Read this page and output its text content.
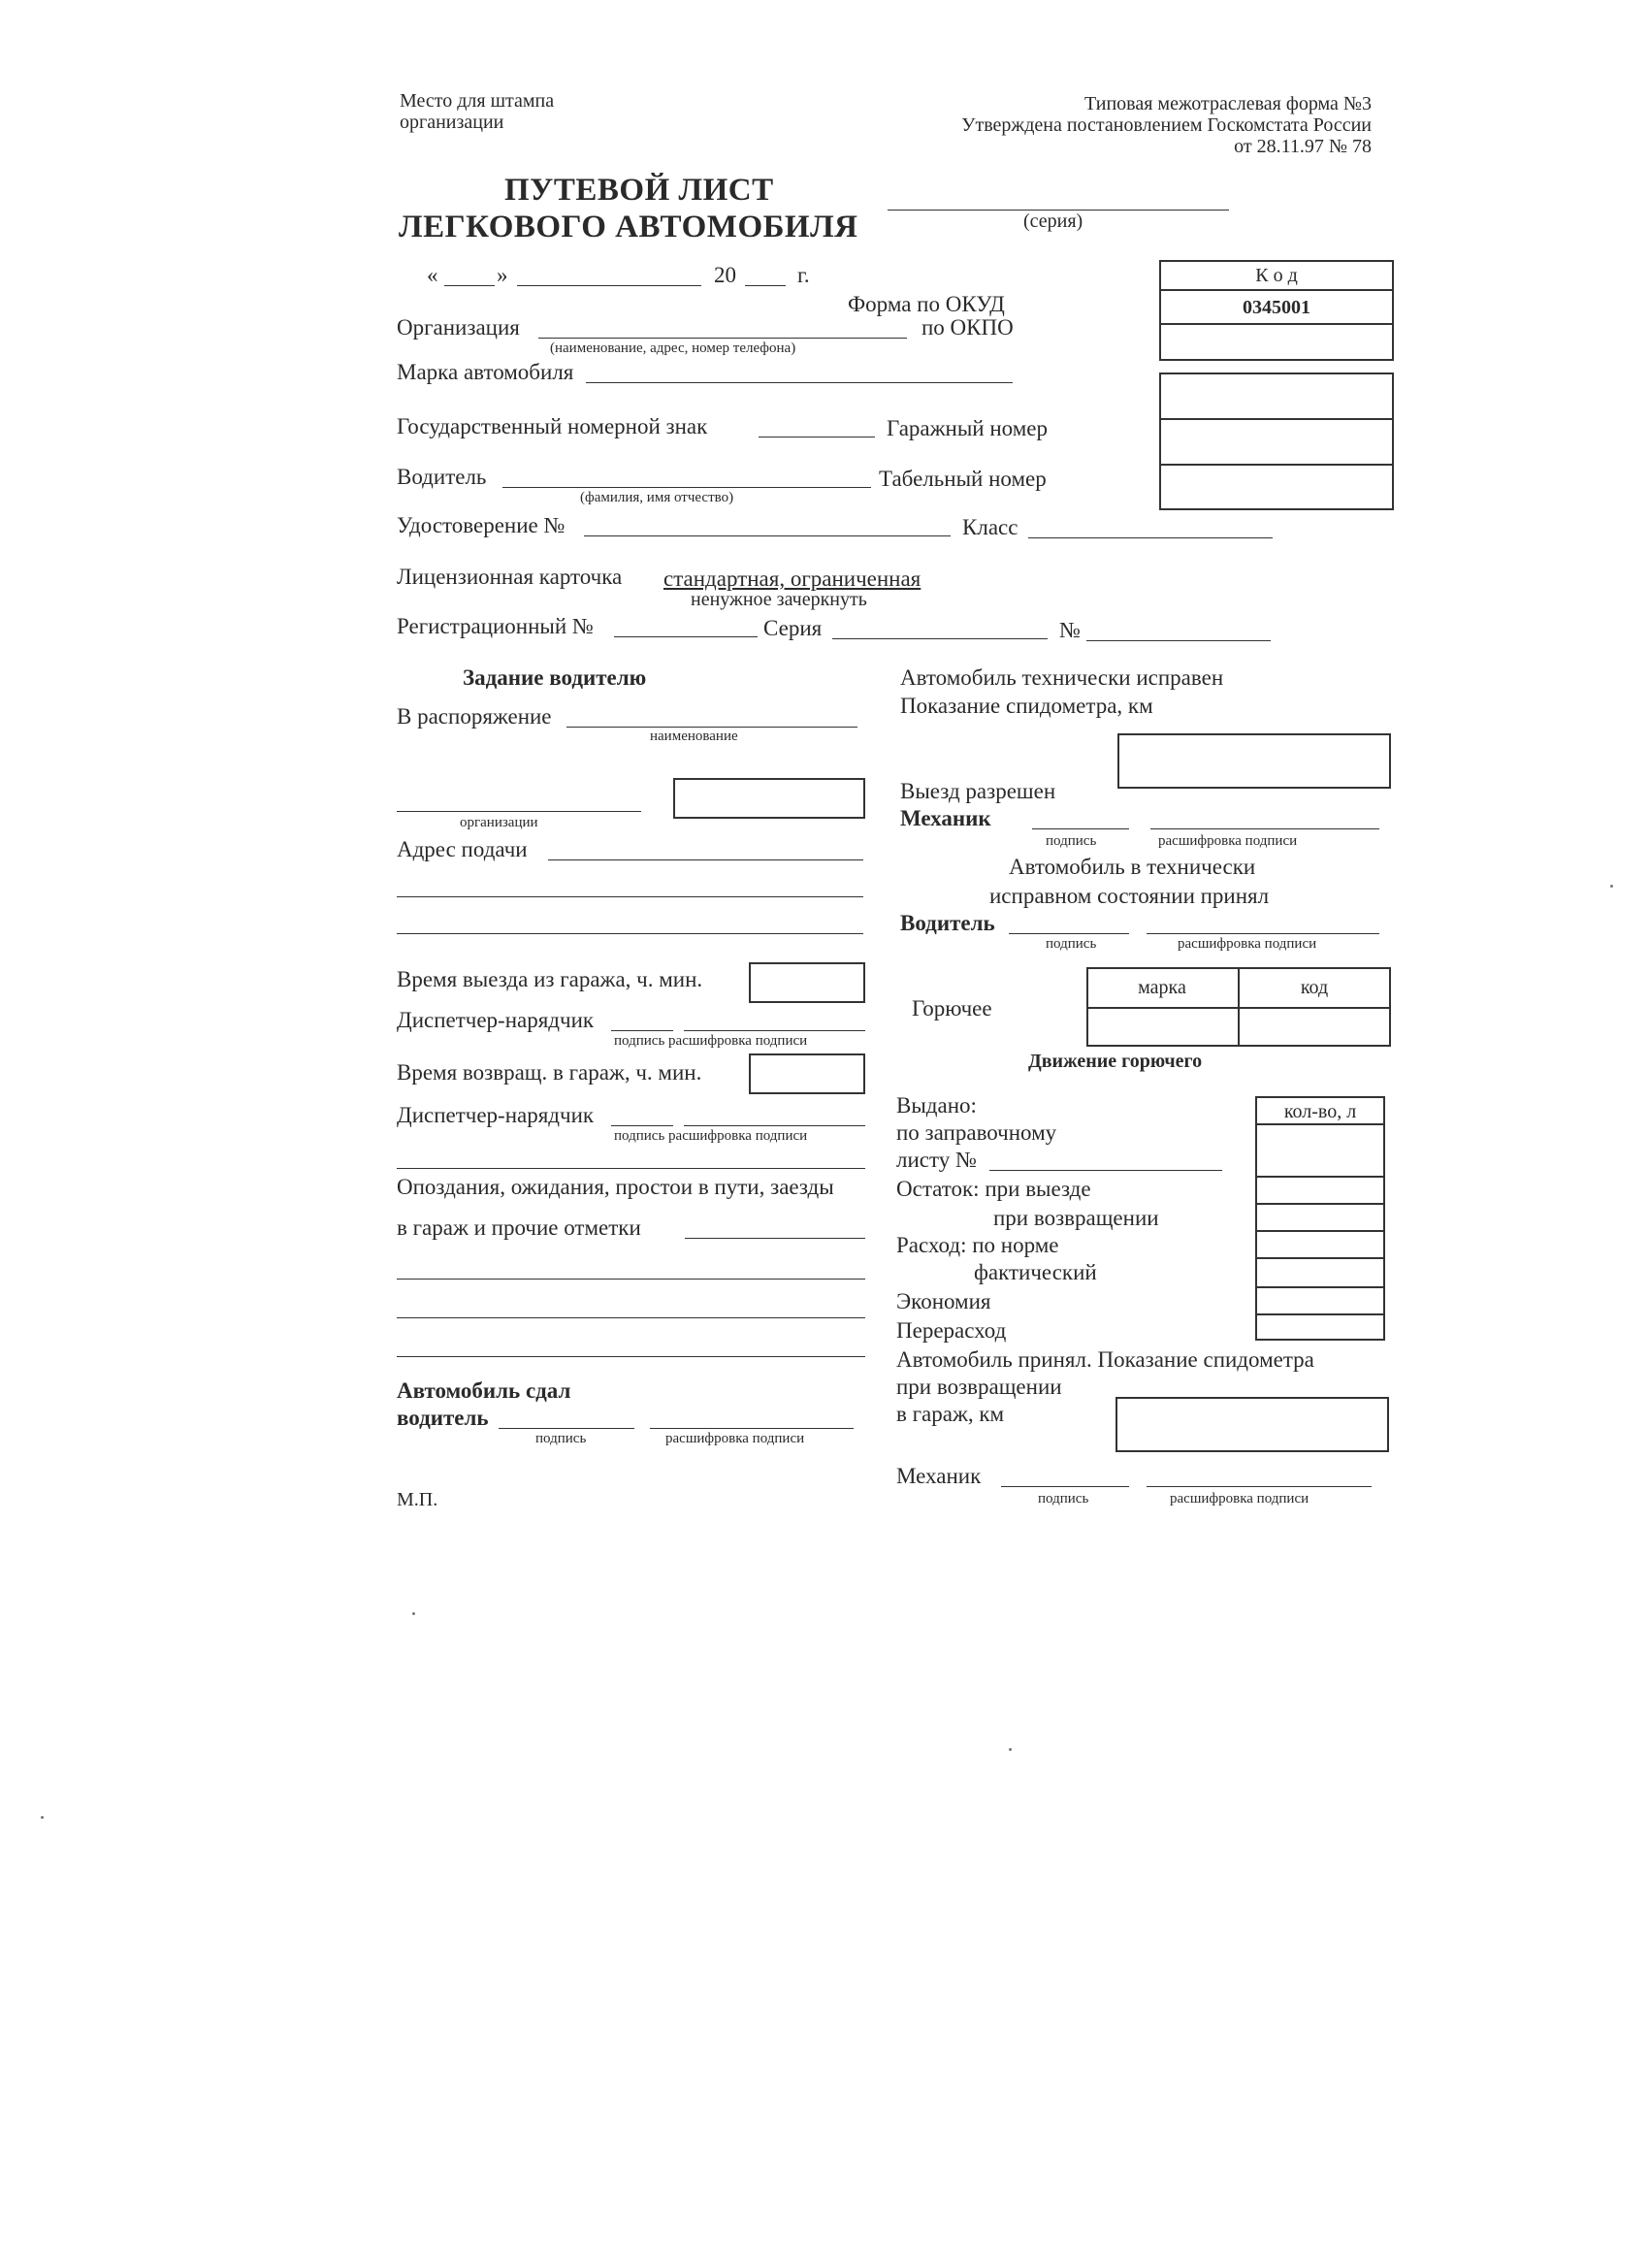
Место для штампа
организации
Типовая межотраслевая форма №3
Утверждена постановлением Госкомстата России
от 28.11.97 № 78
ПУТЕВОЙ ЛИСТ
ЛЕГКОВОГО АВТОМОБИЛЯ	(серия)
«	»	20	г.	К о д
0345001
Форма по ОКУД
по ОКПО
Организация
(наименование, адрес, номер телефона)
Марка автомобиля
Государственный номерной знак	Гаражный номер
Водитель	Табельный номер
(фамилия, имя отчество)
Удостоверение №	Класс
Лицензионная карточка стандартная, ограниченная
ненужное зачеркнуть
Регистрационный №	Серия	№
Задание водителю
В распоряжение
наименование
организации
Адрес подачи
Время выезда из гаража, ч. мин.
Диспетчер-нарядчик
подпись расшифровка подписи
Время возвращ. в гараж, ч. мин.
Диспетчер-нарядчик
подпись расшифровка подписи
Опоздания, ожидания, простои в пути, заезды
в гараж и прочие отметки
Автомобиль сдал
водитель
подпись	расшифровка подписи
М.П.
Автомобиль технически исправен
Показание спидометра, км
Выезд разрешен
Механик
подпись	расшифровка подписи
Автомобиль в технически
исправном состоянии принял
Водитель
подпись	расшифровка подписи
Горючее
марка	код
Движение горючего
Выдано:
по заправочному
листу №
Остаток: при выезде
при возвращении
Расход: по норме
фактический
Экономия
Перерасход
кол-во, л
Автомобиль принял. Показание спидометра
при возвращении
в гараж, км
Механик
подпись	расшифровка подписи
